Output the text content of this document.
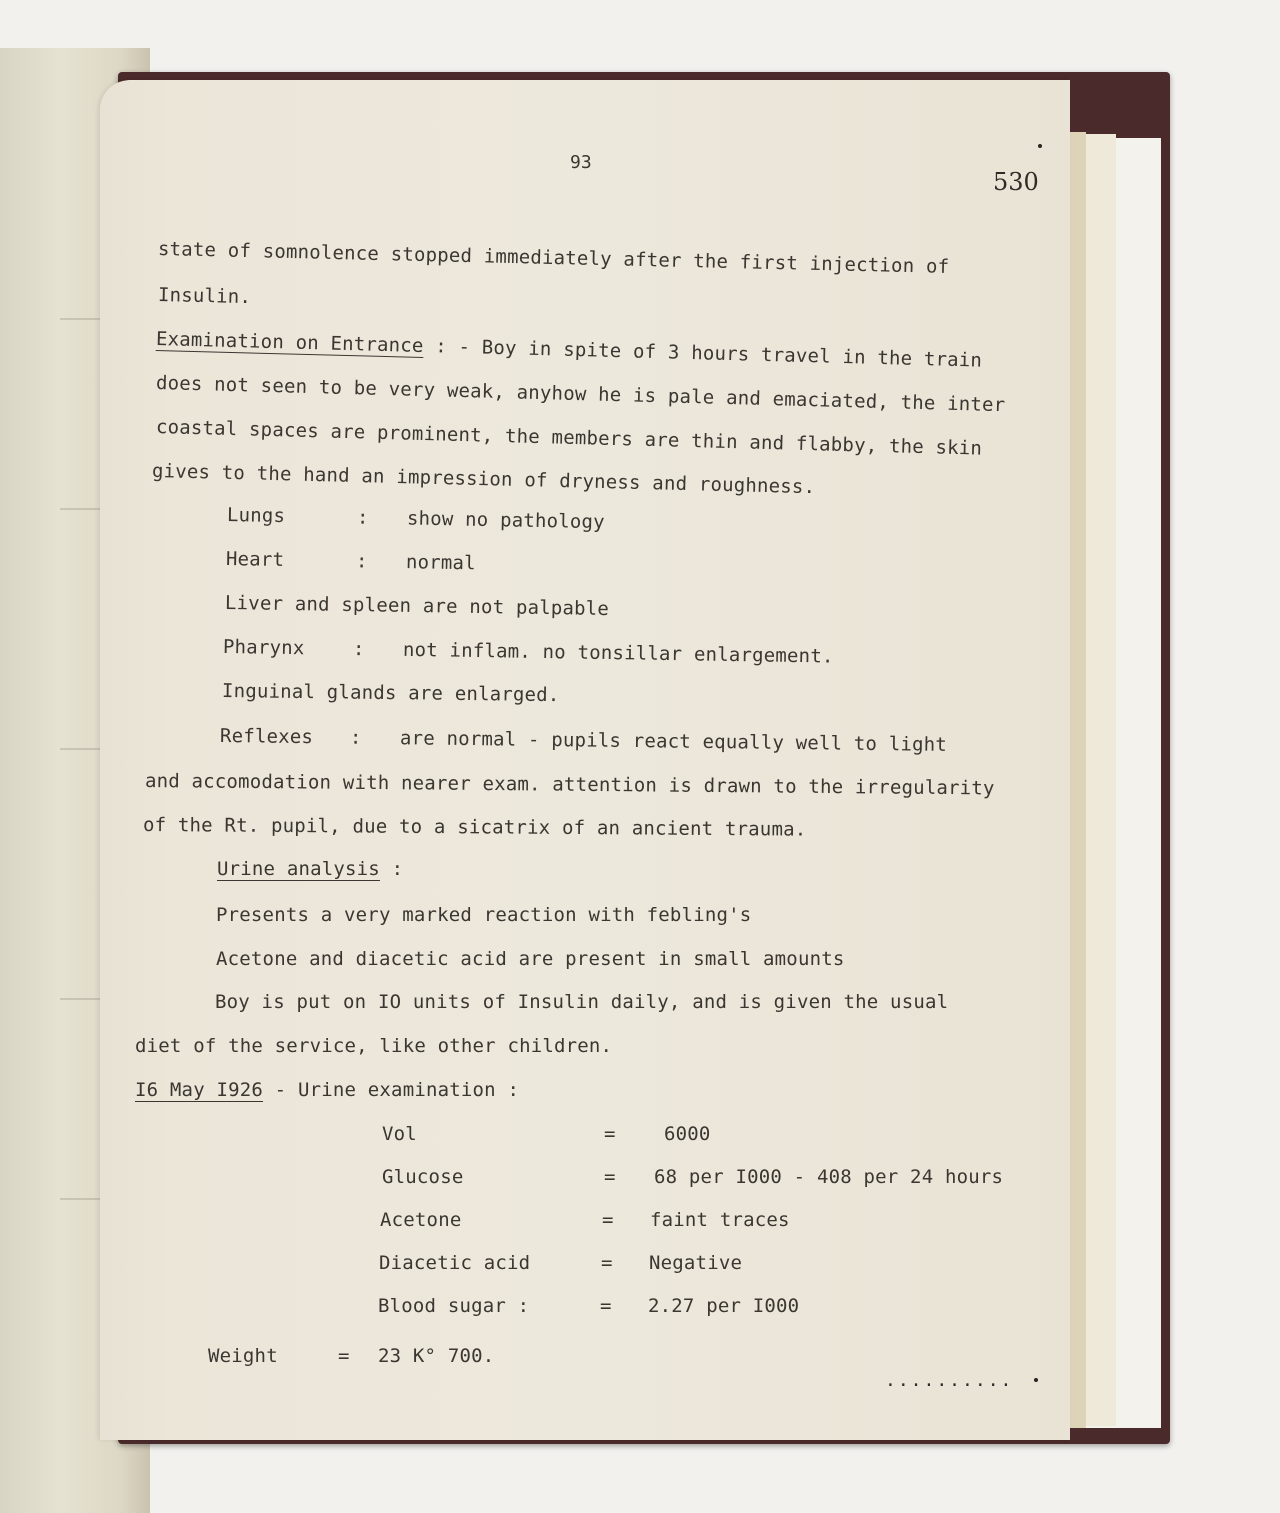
93
530
state of somnolence stopped immediately after the first injection of
Insulin.
Examination on Entrance : - Boy in spite of 3 hours travel in the train
does not seen to be very weak, anyhow he is pale and emaciated, the inter
coastal spaces are prominent, the members are thin and flabby, the skin
gives to the hand an impression of dryness and roughness.
Lungs	: show no pathology
Heart	: normal
Liver and spleen are not palpable
Pharynx	: not inflam. no tonsillar enlargement.
Inguinal glands are enlarged.
Reflexes : are normal - pupils react equally well to light
and accomodation with nearer exam. attention is drawn to the irregularity
of the Rt. pupil, due to a sicatrix of an ancient trauma.
Urine analysis :
Presents a very marked reaction with febling's
Acetone and diacetic acid are present in small amounts
Boy is put on IO units of Insulin daily, and is given the usual
diet of the service, like other children.
I6 May I926 - Urine examination :
Vol	=	6000
Glucose	= 68 per I000 - 408 per 24 hours
Acetone	= faint traces
Diacetic acid	= Negative
Blood sugar :	= 2.27 per I000
Weight	= 23 K° 700.
..........
